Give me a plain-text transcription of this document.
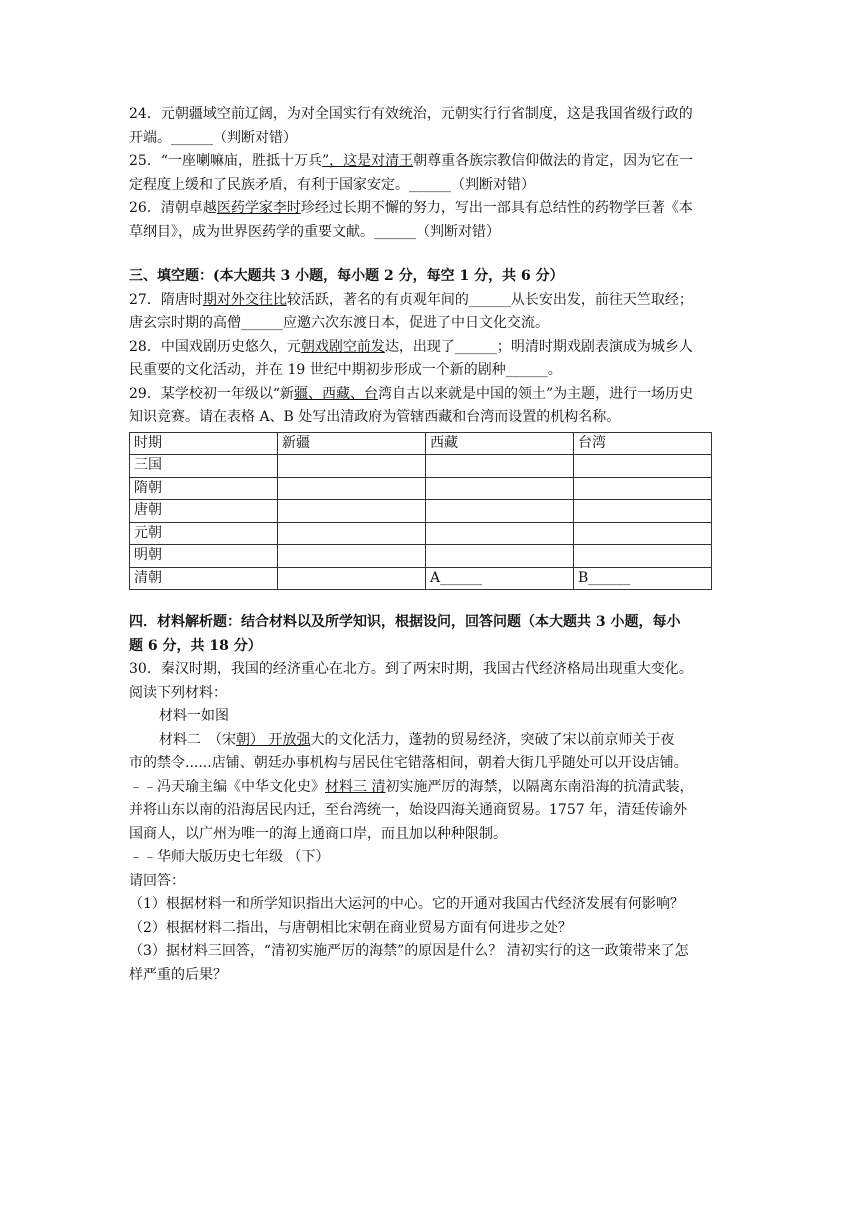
24．元朝疆域空前辽阔，为对全国实行有效统治，元朝实行行省制度，这是我国省级行政的
开端。______（判断对错）
25．“一座喇嘛庙，胜抵十万兵”，这是对清王朝尊重各族宗教信仰做法的肯定，因为它在一
定程度上缓和了民族矛盾，有利于国家安定。______（判断对错）
26．清朝卓越医药学家李时珍经过长期不懈的努力，写出一部具有总结性的药物学巨著《本
草纲目》，成为世界医药学的重要文献。______（判断对错）
三、填空题：(本大题共 3 小题，每小题 2 分，每空 1 分，共 6 分）
27．隋唐时期对外交往比较活跃，著名的有贞观年间的______从长安出发，前往天竺取经；
唐玄宗时期的高僧______应邀六次东渡日本，促进了中日文化交流。
28．中国戏剧历史悠久，元朝戏剧空前发达，出现了______；明清时期戏剧表演成为城乡人
民重要的文化活动，并在 19 世纪中期初步形成一个新的剧种______。
29．某学校初一年级以“新疆、西藏、台湾自古以来就是中国的领土”为主题，进行一场历史
知识竞赛。请在表格 A、B 处写出清政府为管辖西藏和台湾而设置的机构名称。
时期	新疆	西藏	台湾
三国			
隋朝			
唐朝			
元朝			
明朝			
清朝		A______	B______
四．材料解析题：结合材料以及所学知识，根据设问，回答问题（本大题共 3 小题，每小
题 6 分，共 18 分）
30．秦汉时期，我国的经济重心在北方。到了两宋时期，我国古代经济格局出现重大变化。
阅读下列材料：
材料一如图
材料二　（宋朝） 开放强大的文化活力，蓬勃的贸易经济，突破了宋以前京师关于夜
市的禁令......店铺、朝廷办事机构与居民住宅错落相间，朝着大街几乎随处可以开设店铺。
﹣﹣冯天瑜主编《中华文化史》材料三 清初实施严厉的海禁，以隔离东南沿海的抗清武装，
并将山东以南的沿海居民内迁，至台湾统一，始设四海关通商贸易。1757 年，清廷传谕外
国商人，以广州为唯一的海上通商口岸，而且加以种种限制。
﹣﹣华师大版历史七年级 （下）
请回答：
（1）根据材料一和所学知识指出大运河的中心。它的开通对我国古代经济发展有何影响？
（2）根据材料二指出，与唐朝相比宋朝在商业贸易方面有何进步之处？
（3）据材料三回答，“清初实施严厉的海禁”的原因是什么？ 清初实行的这一政策带来了怎
样严重的后果？
